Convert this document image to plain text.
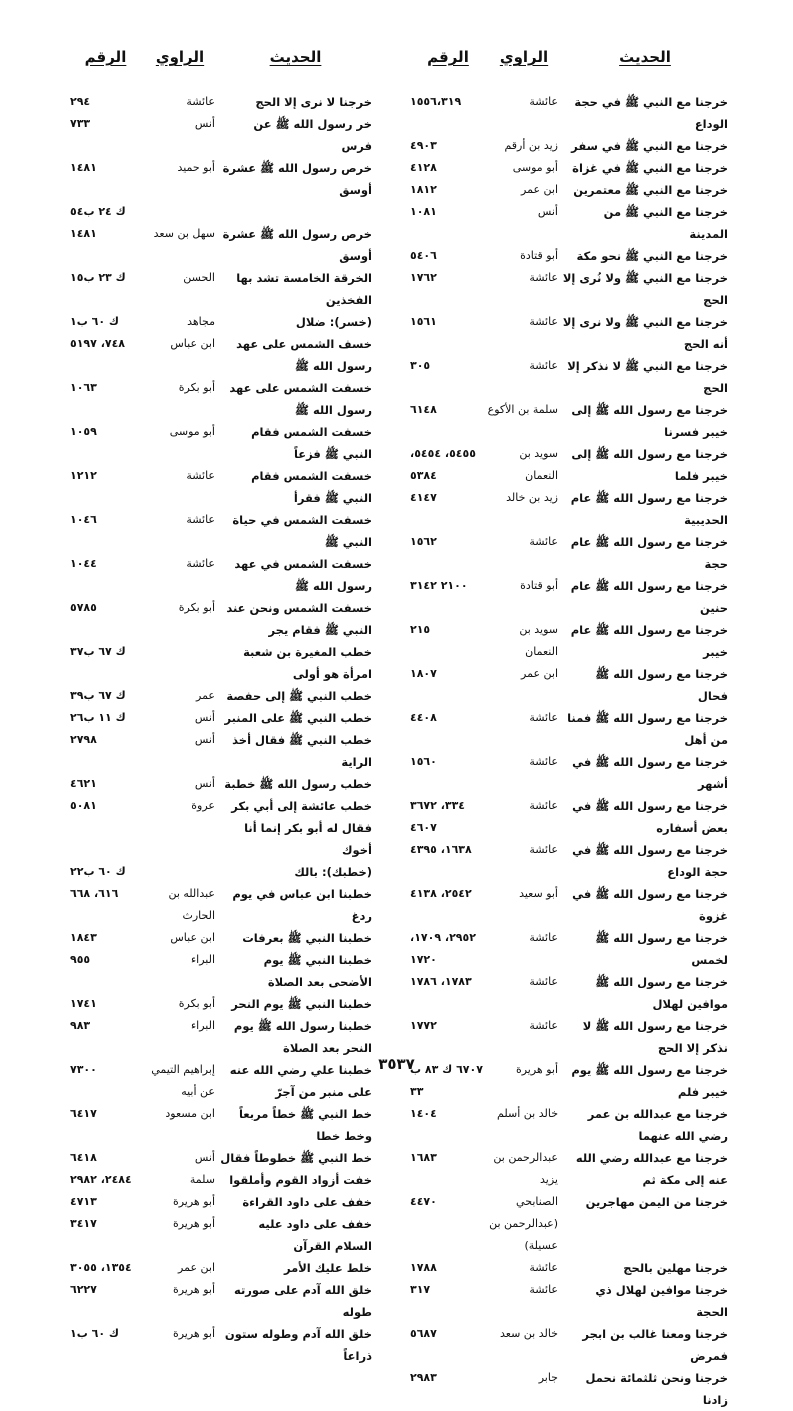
الحديث
الراوي
الرقم
خرجنا مع النبي ﷺ في حجة الوداع
عائشة
١٥٥٦،٣١٩
خرجنا مع النبي ﷺ في سفر
زيد بن أرقم
٤٩٠٣
خرجنا مع النبي ﷺ في غزاة
أبو موسى
٤١٢٨
خرجنا مع النبي ﷺ معتمرين
ابن عمر
١٨١٢
خرجنا مع النبي ﷺ من المدينة
أنس
١٠٨١
خرجنا مع النبي ﷺ نحو مكة
أبو قتادة
٥٤٠٦
خرجنا مع النبي ﷺ ولا نُرى إلا الحج
عائشة
١٧٦٢
خرجنا مع النبي ﷺ ولا نرى إلا أنه الحج
عائشة
١٥٦١
خرجنا مع النبي ﷺ لا نذكر إلا الحج
عائشة
٣٠٥
خرجنا مع رسول الله ﷺ إلى خيبر فسرنا
سلمة بن الأكوع
٦١٤٨
خرجنا مع رسول الله ﷺ إلى خيبر فلما
سويد بن النعمان
٥٤٥٥، ٥٤٥٤، ٥٣٨٤
خرجنا مع رسول الله ﷺ عام الحديبية
زيد بن خالد
٤١٤٧
خرجنا مع رسول الله ﷺ عام حجة
عائشة
١٥٦٢
خرجنا مع رسول الله ﷺ عام حنين
أبو قتادة
٢١٠٠ ٣١٤٢
خرجنا مع رسول الله ﷺ عام خيبر
سويد بن النعمان
٢١٥
خرجنا مع رسول الله ﷺ فحال
ابن عمر
١٨٠٧
خرجنا مع رسول الله ﷺ فمنا من أهل
عائشة
٤٤٠٨
خرجنا مع رسول الله ﷺ في أشهر
عائشة
١٥٦٠
خرجنا مع رسول الله ﷺ في بعض أسفاره
عائشة
٣٣٤، ٣٦٧٢ ٤٦٠٧
خرجنا مع رسول الله ﷺ في حجة الوداع
عائشة
١٦٣٨، ٤٣٩٥
خرجنا مع رسول الله ﷺ في غزوة
أبو سعيد
٢٥٤٢، ٤١٣٨
خرجنا مع رسول الله ﷺ لخمس
عائشة
٢٩٥٢، ١٧٠٩، ١٧٢٠
خرجنا مع رسول الله ﷺ موافين لهلال
عائشة
١٧٨٣، ١٧٨٦
خرجنا مع رسول الله ﷺ لا نذكر إلا الحج
عائشة
١٧٧٢
خرجنا مع رسول الله ﷺ يوم خيبر فلم
أبو هريرة
٦٧٠٧ ك ٨٣ ب ٣٣
خرجنا مع عبدالله بن عمر رضي الله عنهما
خالد بن أسلم
١٤٠٤
خرجنا مع عبدالله رضي الله عنه إلى مكة ثم
عبدالرحمن بن يزيد
١٦٨٣
خرجنا من اليمن مهاجرين
الصنابحي (عبدالرحمن بن عسيلة)
٤٤٧٠
خرجنا مهلين بالحج
عائشة
١٧٨٨
خرجنا موافين لهلال ذي الحجة
عائشة
٣١٧
خرجنا ومعنا غالب بن ابجر فمرض
خالد بن سعد
٥٦٨٧
خرجنا ونحن ثلثمائة نحمل زادنا
جابر
٢٩٨٣
الحديث
الراوي
الرقم
خرجنا لا نرى إلا الحج
عائشة
٢٩٤
خر رسول الله ﷺ عن فرس
أنس
٧٣٣
خرص رسول الله ﷺ عشرة أوسق
أبو حميد
١٤٨١
ك ٢٤ ب٥٤
خرص رسول الله ﷺ عشرة أوسق
سهل بن سعد
١٤٨١
الخرقة الخامسة تشد بها الفخذين
الحسن
ك ٢٣ ب١٥
(خسر): ضلال
مجاهد
ك ٦٠ ب١
خسف الشمس على عهد رسول الله ﷺ
ابن عباس
٧٤٨، ٥١٩٧
خسفت الشمس على عهد رسول الله ﷺ
أبو بكرة
١٠٦٣
خسفت الشمس فقام النبي ﷺ فزعاً
أبو موسى
١٠٥٩
خسفت الشمس فقام النبي ﷺ فقرأ
عائشة
١٢١٢
خسفت الشمس في حياة النبي ﷺ
عائشة
١٠٤٦
خسفت الشمس في عهد رسول الله ﷺ
عائشة
١٠٤٤
خسفت الشمس ونحن عند النبي ﷺ فقام يجر
أبو بكرة
٥٧٨٥
خطب المغيرة بن شعبة امرأة هو أولى
ك ٦٧ ب٣٧
خطب النبي ﷺ إلى حفصة
عمر
ك ٦٧ ب٣٩
خطب النبي ﷺ على المنبر
أنس
ك ١١ ب٢٦
خطب النبي ﷺ فقال أخذ الراية
أنس
٢٧٩٨
خطب رسول الله ﷺ خطبة
أنس
٤٦٢١
خطب عائشة إلى أبي بكر فقال له أبو بكر إنما أنا أخوك
عروة
٥٠٨١
(خطبك): بالك
ك ٦٠ ب٢٢
خطبنا ابن عباس في يوم ردغ
عبدالله بن الحارث
٦١٦، ٦٦٨
خطبنا النبي ﷺ بعرفات
ابن عباس
١٨٤٣
خطبنا النبي ﷺ يوم الأضحى بعد الصلاة
البراء
٩٥٥
خطبنا النبي ﷺ يوم النحر
أبو بكرة
١٧٤١
خطبنا رسول الله ﷺ يوم النحر بعد الصلاة
البراء
٩٨٣
خطبنا علي رضي الله عنه على منبر من آجرّ
إبراهيم التيمي عن أبيه
٧٣٠٠
خط النبي ﷺ خطاً مربعاً وخط خطا
ابن مسعود
٦٤١٧
خط النبي ﷺ خطوطاً فقال
أنس
٦٤١٨
خفت أزواد القوم وأملقوا
سلمة
٢٤٨٤، ٢٩٨٢
خفف على داود القراءة
أبو هريرة
٤٧١٣
خفف على داود عليه السلام القرآن
أبو هريرة
٣٤١٧
خلط عليك الأمر
ابن عمر
١٣٥٤، ٣٠٥٥
خلق الله آدم على صورته طوله
أبو هريرة
٦٢٢٧
خلق الله آدم وطوله ستون ذراعاً
أبو هريرة
ك ٦٠ ب١
٣٥٣٧
